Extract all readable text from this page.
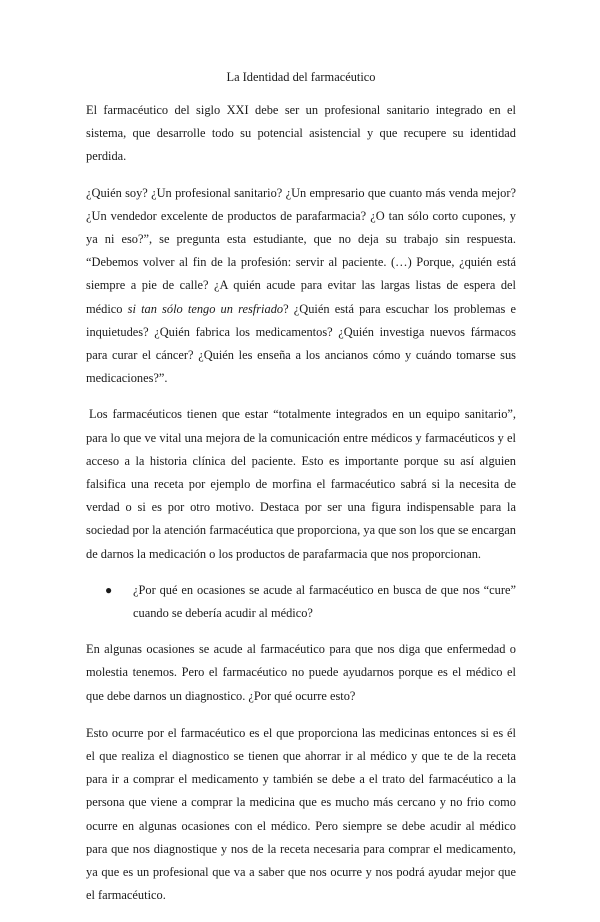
La Identidad del farmacéutico

El farmacéutico del siglo XXI debe ser un profesional sanitario integrado en el sistema, que desarrolle todo su potencial asistencial y que recupere su identidad perdida.

¿Quién soy? ¿Un profesional sanitario? ¿Un empresario que cuanto más venda mejor? ¿Un vendedor excelente de productos de parafarmacia? ¿O tan sólo corto cupones, y ya ni eso?”, se pregunta esta estudiante, que no deja su trabajo sin respuesta. “Debemos volver al fin de la profesión: servir al paciente. (…) Porque, ¿quién está siempre a pie de calle? ¿A quién acude para evitar las largas listas de espera del médico si tan sólo tengo un resfriado? ¿Quién está para escuchar los problemas e inquietudes? ¿Quién fabrica los medicamentos? ¿Quién investiga nuevos fármacos para curar el cáncer? ¿Quién les enseña a los ancianos cómo y cuándo tomarse sus medicaciones?”.

Los farmacéuticos tienen que estar “totalmente integrados en un equipo sanitario”, para lo que ve vital una mejora de la comunicación entre médicos y farmacéuticos y el acceso a la historia clínica del paciente. Esto es importante porque su así alguien falsifica una receta por ejemplo de morfina el farmacéutico sabrá si la necesita de verdad o si es por otro motivo. Destaca por ser una figura indispensable para la sociedad por la atención farmacéutica que proporciona, ya que son los que se encargan de darnos la medicación o los productos de parafarmacia que nos proporcionan.

●	¿Por qué en ocasiones se acude al farmacéutico en busca de que nos “cure” cuando se debería acudir al médico?

En algunas ocasiones se acude al farmacéutico para que nos diga que enfermedad o molestia tenemos. Pero el farmacéutico no puede ayudarnos porque es el médico el que debe darnos un diagnostico. ¿Por qué ocurre esto?

Esto ocurre por el farmacéutico es el que proporciona las medicinas entonces si es él el que realiza el diagnostico se tienen que ahorrar ir al médico y que te de la receta para ir a comprar el medicamento y también se debe a el trato del farmacéutico a la persona que viene a comprar la medicina que es mucho más cercano y no frio como ocurre en algunas ocasiones con el médico. Pero siempre se debe acudir al médico para que nos diagnostique y nos de la receta necesaria para comprar el medicamento, ya que es un profesional que va a saber que nos ocurre y nos podrá ayudar mejor que el farmacéutico.
